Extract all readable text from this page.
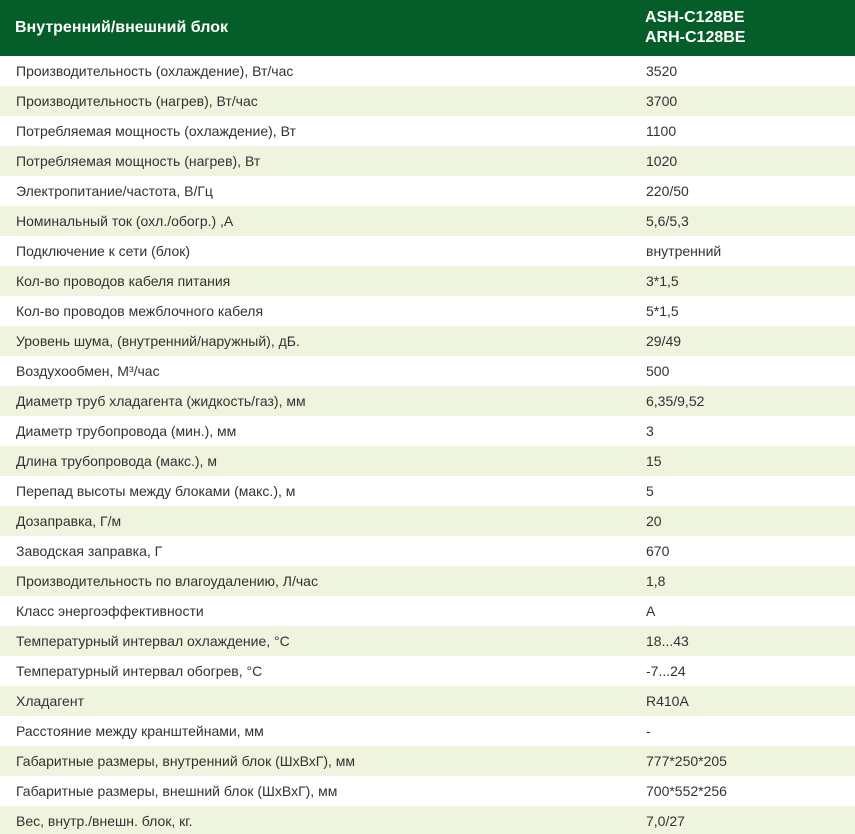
Внутренний/внешний блок	ASH-C128BE
ARH-C128BE

Производительность (охлаждение), Вт/час	3520
Производительность (нагрев), Вт/час	3700
Потребляемая мощность (охлаждение), Вт	1100
Потребляемая мощность (нагрев), Вт	1020
Электропитание/частота, В/Гц	220/50
Номинальный ток (охл./обогр.) ,А	5,6/5,3
Подключение к сети (блок)	внутренний
Кол-во проводов кабеля питания	3*1,5
Кол-во проводов межблочного кабеля	5*1,5
Уровень шума, (внутренний/наружный), дБ.	29/49
Воздухообмен, М³/час	500
Диаметр труб хладагента (жидкость/газ), мм	6,35/9,52
Диаметр трубопровода (мин.), мм	3
Длина трубопровода (макс.), м	15
Перепад высоты между блоками (макс.), м	5
Дозаправка, Г/м	20
Заводская заправка, Г	670
Производительность по влагоудалению, Л/час	1,8
Класс энергоэффективности	A
Температурный интервал охлаждение, °С	18...43
Температурный интервал обогрев, °С	-7...24
Хладагент	R410A
Расстояние между кранштейнами, мм	-
Габаритные размеры, внутренний блок (ШхВхГ), мм	777*250*205
Габаритные размеры, внешний блок (ШхВхГ), мм	700*552*256
Вес, внутр./внешн. блок, кг.	7,0/27
